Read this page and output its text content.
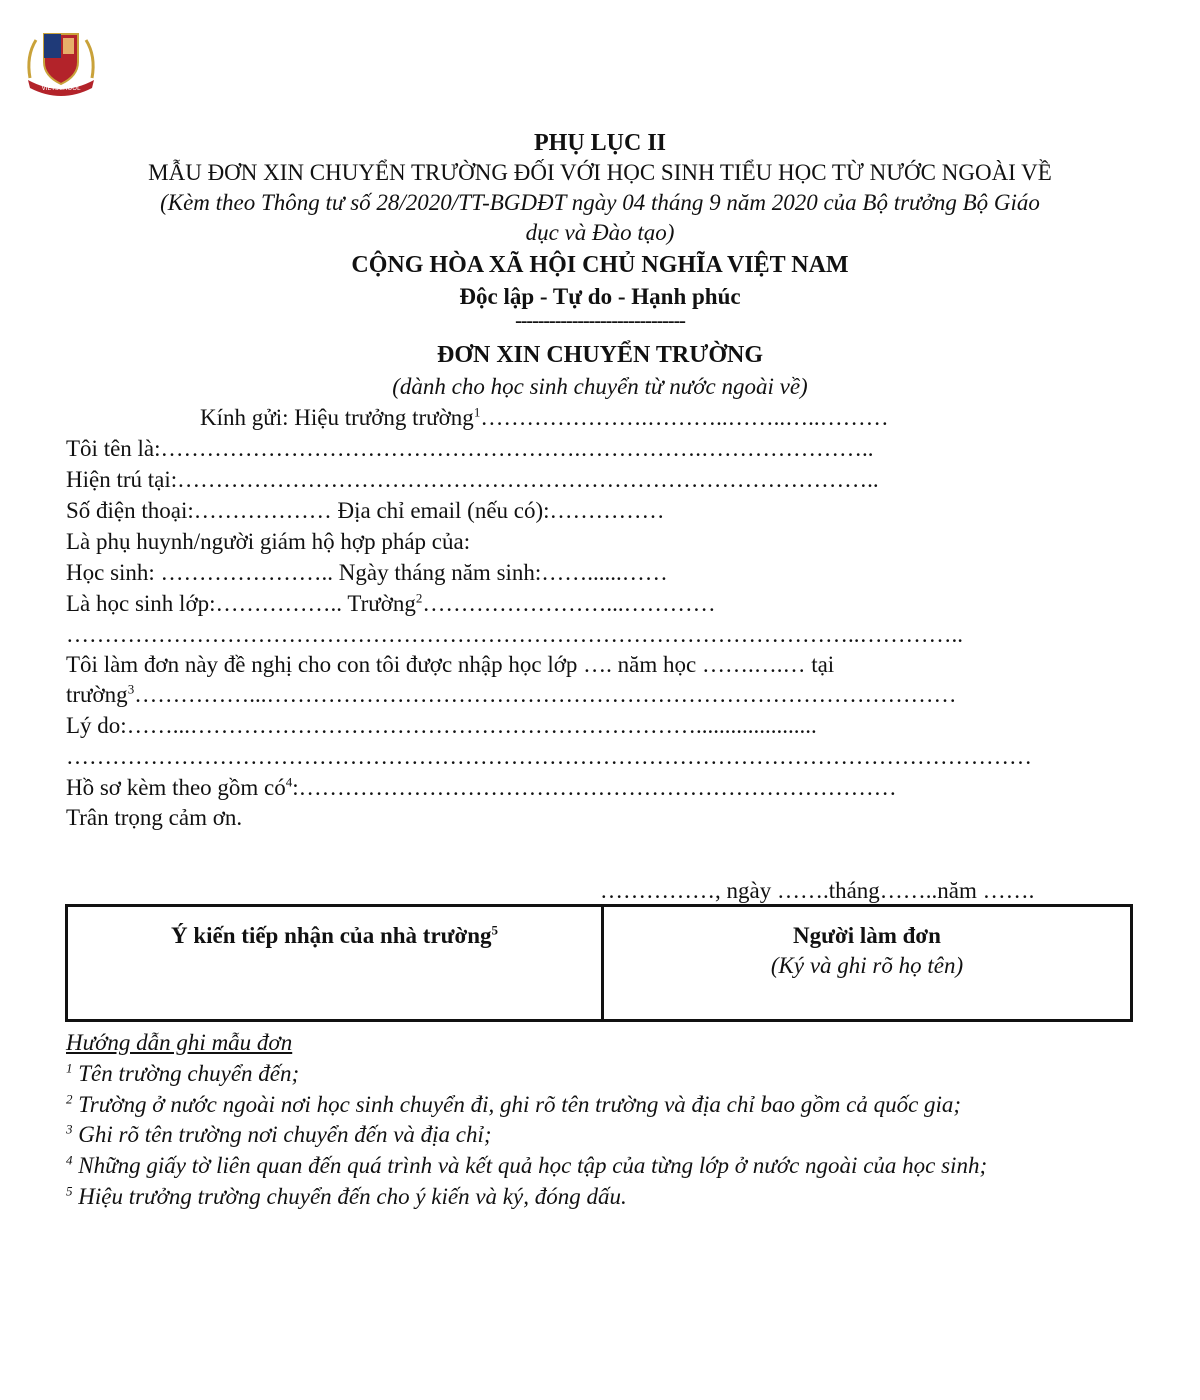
VIETSCHOOL
PHỤ LỤC II
MẪU ĐƠN XIN CHUYỂN TRƯỜNG ĐỐI VỚI HỌC SINH TIỂU HỌC TỪ NƯỚC NGOÀI VỀ
(Kèm theo Thông tư số 28/2020/TT-BGDĐT ngày 04 tháng 9 năm 2020 của Bộ trưởng Bộ Giáo
dục và Đào tạo)
CỘNG HÒA XÃ HỘI CHỦ NGHĨA VIỆT NAM
Độc lập - Tự do - Hạnh phúc
------------------------------
ĐƠN XIN CHUYỂN TRƯỜNG
(dành cho học sinh chuyển từ nước ngoài về)
Kính gửi: Hiệu trưởng trường$^1$………………….………..……..…..………
Tôi tên là:……………………………………………….…………….…………………..
Hiện trú tại:………………………………………………………………………………..
Số điện thoại:……………… Địa chỉ email (nếu có):……………
Là phụ huynh/người giám hộ hợp pháp của:
Học sinh: ………………….. Ngày tháng năm sinh:……......……
Là học sinh lớp:…………….. Trường$^2$……………………...…………
…………………………………………………………………………………………..…………..
Tôi làm đơn này đề nghị cho con tôi được nhập học lớp …. năm học …….….… tại
trường$^3$……………...………………………………………………………………………………
Lý do:……...………………………………………………………….....................
………………………………………………………………………………………………………………
Hồ sơ kèm theo gồm $có^4:\dots\dots\dots\dots\dots\dots\dots\dots\dots\dots\dots\dots\dots\dots\dots\dots\dots\dots\dots\dots\dots\dots\dots\dots\dots\dots$
Trân trọng cảm ơn.
……………, ngày …….tháng……..năm …….
Ý kiến tiếp nhận của nhà trường$^5$	Người làm đơn
(Ký và ghi rõ họ tên)
Hướng dẫn ghi mẫu đơn
$^1$ Tên trường chuyển đến;
$^2$ Trường ở nước ngoài nơi học sinh chuyển đi, ghi rõ tên trường và địa chỉ bao gồm cả quốc gia;
$^3$ Ghi rõ tên trường nơi chuyển đến và địa chỉ;
$^4$ Những giấy tờ liên quan đến quá trình và kết quả học tập của từng lớp ở nước ngoài của học sinh;
$^5$ Hiệu trưởng trường chuyển đến cho ý kiến và ký, đóng dấu.
